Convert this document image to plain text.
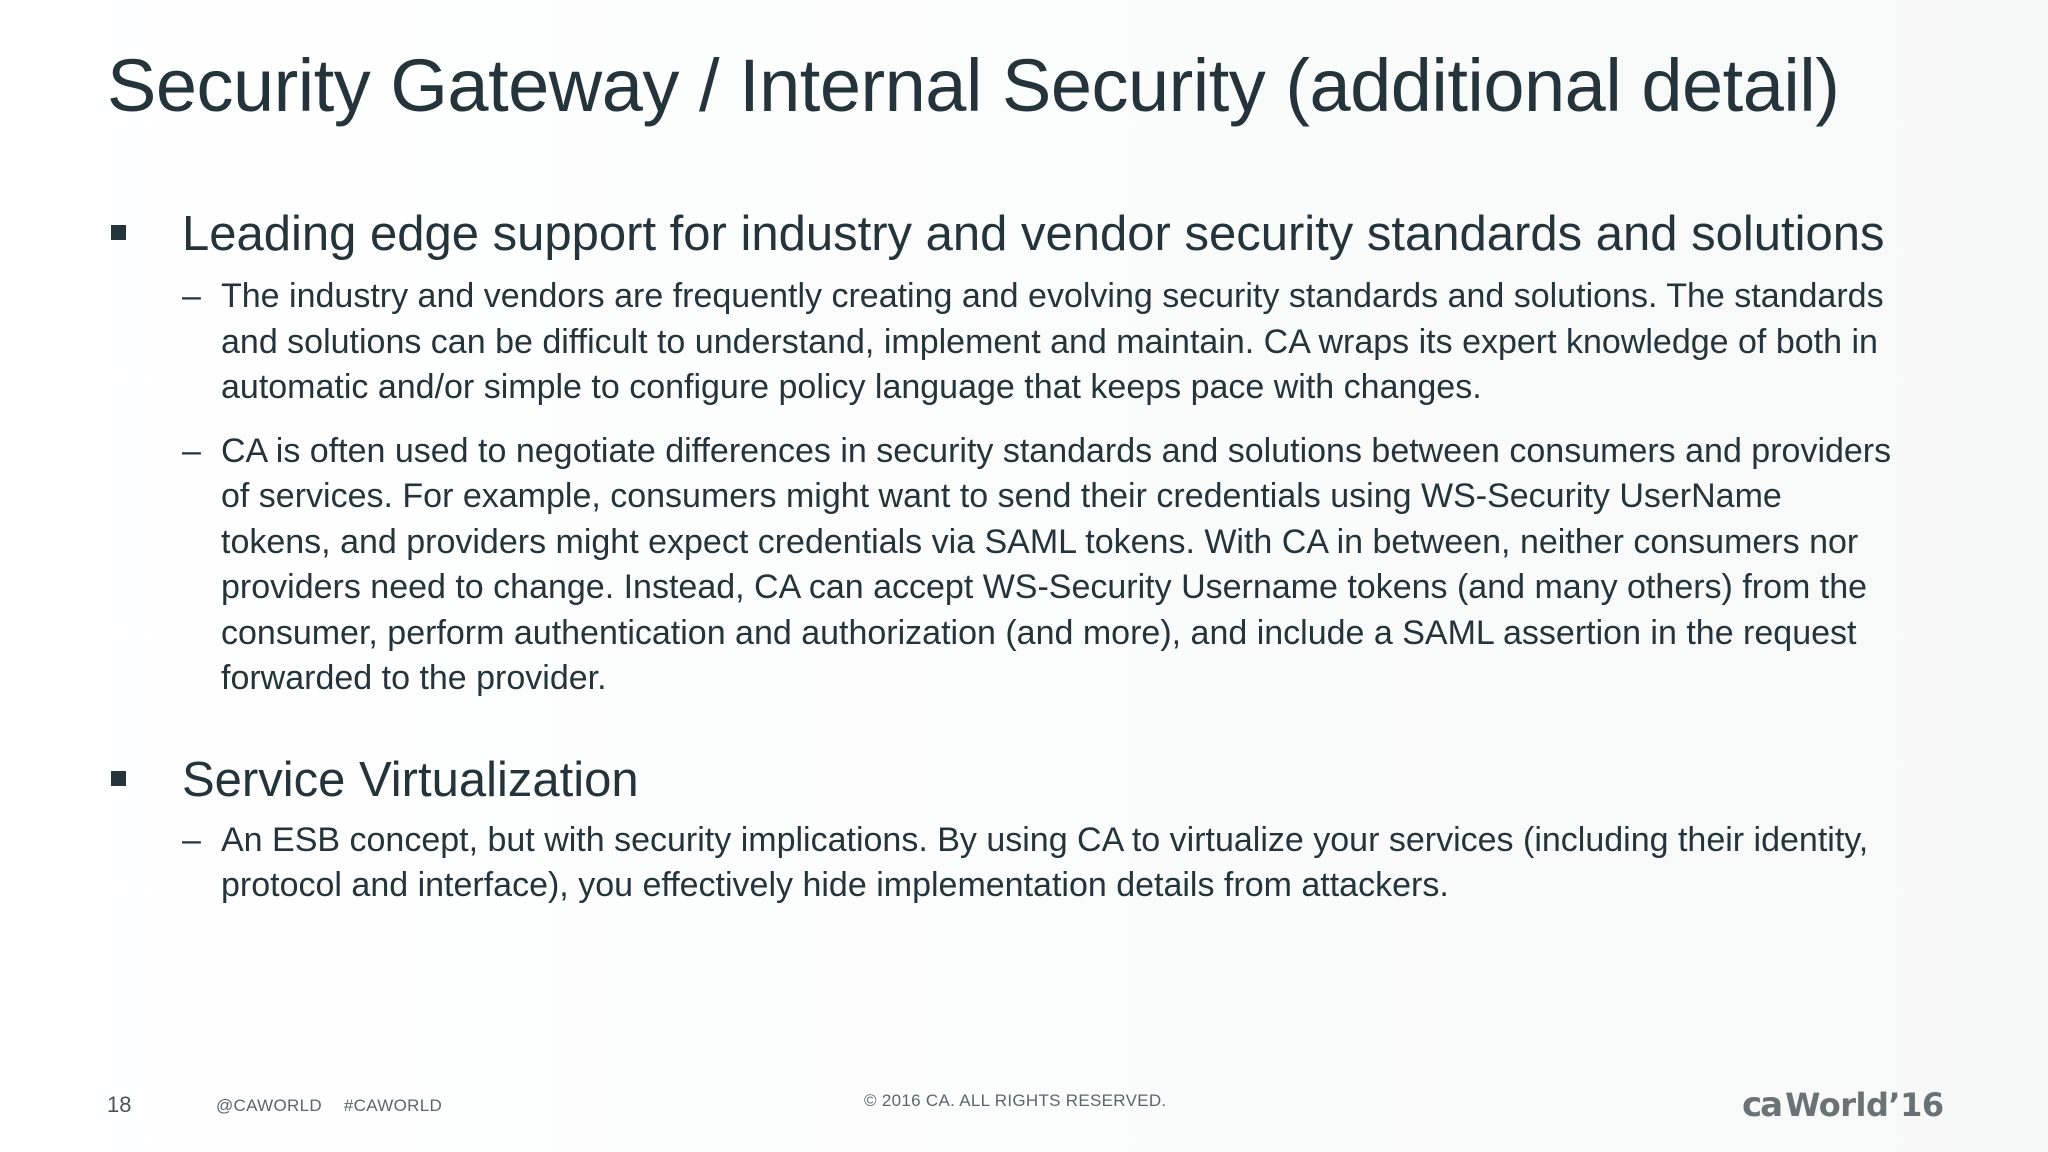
Security Gateway / Internal Security (additional detail)
Leading edge support for industry and vendor security standards and solutions
– The industry and vendors are frequently creating and evolving security standards and solutions. The standards and solutions can be difficult to understand, implement and maintain. CA wraps its expert knowledge of both in automatic and/or simple to configure policy language that keeps pace with changes.
– CA is often used to negotiate differences in security standards and solutions between consumers and providers of services. For example, consumers might want to send their credentials using WS-Security UserName tokens, and providers might expect credentials via SAML tokens. With CA in between, neither consumers nor providers need to change. Instead, CA can accept WS-Security Username tokens (and many others) from the consumer, perform authentication and authorization (and more), and include a SAML assertion in the request forwarded to the provider.
Service Virtualization
– An ESB concept, but with security implications. By using CA to virtualize your services (including their identity, protocol and interface), you effectively hide implementation details from attackers.
18	@CAWORLD #CAWORLD	© 2016 CA. ALL RIGHTS RESERVED.	ca World’16
